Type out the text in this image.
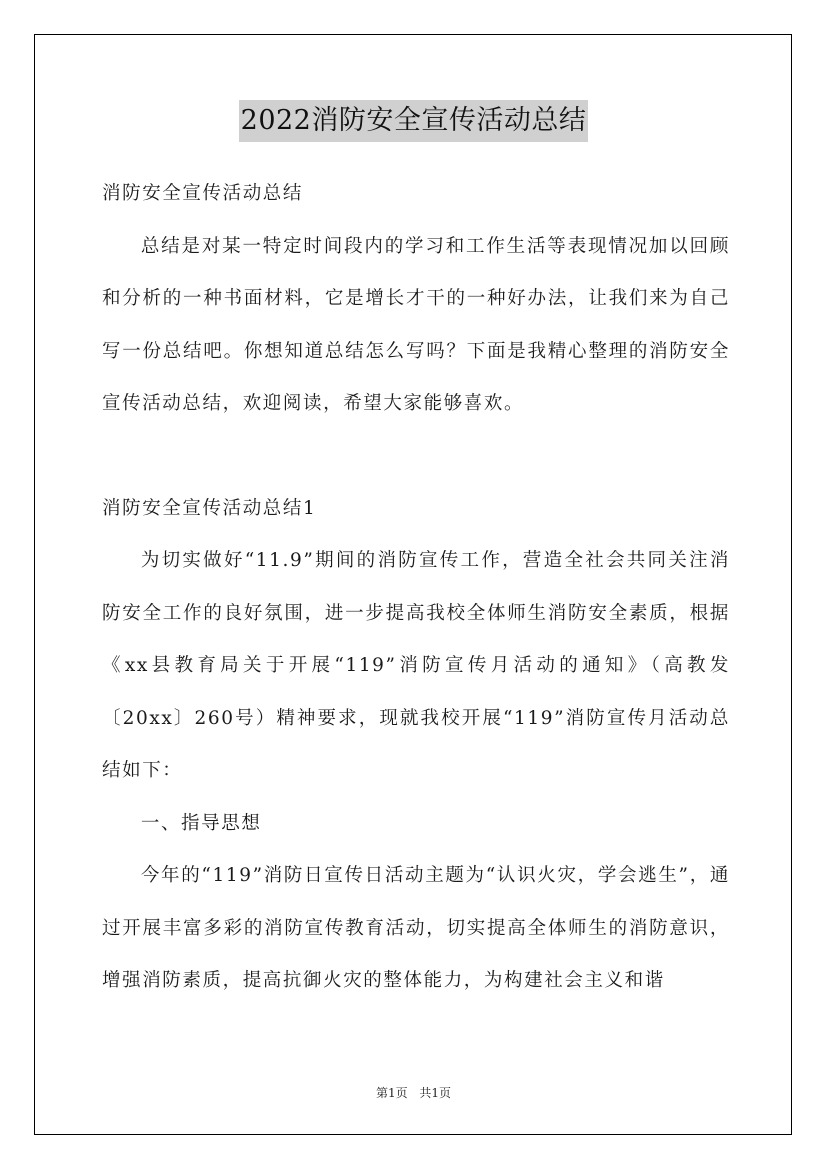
2022消防安全宣传活动总结

消防安全宣传活动总结

总结是对某一特定时间段内的学习和工作生活等表现情况加以回顾和分析的一种书面材料，它是增长才干的一种好办法，让我们来为自己写一份总结吧。你想知道总结怎么写吗？下面是我精心整理的消防安全宣传活动总结，欢迎阅读，希望大家能够喜欢。

消防安全宣传活动总结1

为切实做好“11.9”期间的消防宣传工作，营造全社会共同关注消防安全工作的良好氛围，进一步提高我校全体师生消防安全素质，根据《xx县教育局关于开展“119”消防宣传月活动的通知》（高教发〔20xx〕260号）精神要求，现就我校开展“119”消防宣传月活动总结如下：

一、指导思想

今年的“119”消防日宣传日活动主题为“认识火灾，学会逃生”，通过开展丰富多彩的消防宣传教育活动，切实提高全体师生的消防意识，增强消防素质，提高抗御火灾的整体能力，为构建社会主义和谐

第1页 共1页
